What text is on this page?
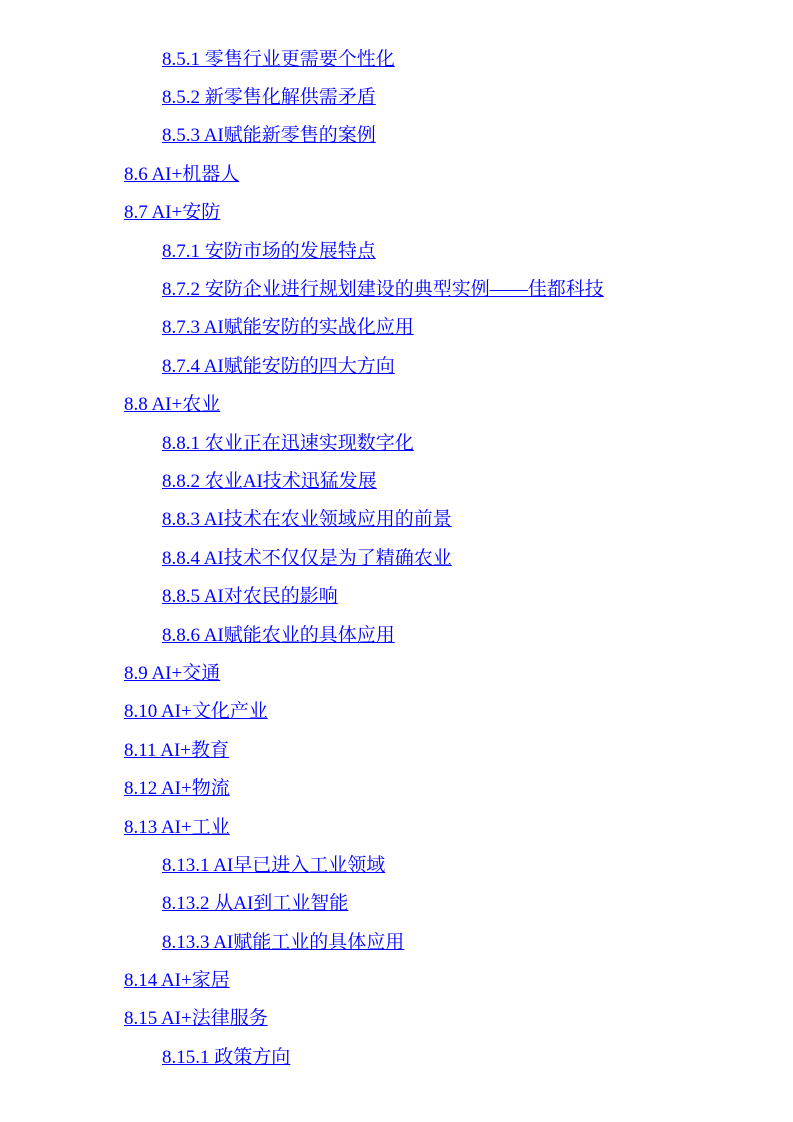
8.5.1 零售行业更需要个性化
8.5.2 新零售化解供需矛盾
8.5.3 AI赋能新零售的案例
8.6 AI+机器人
8.7 AI+安防
8.7.1 安防市场的发展特点
8.7.2 安防企业进行规划建设的典型实例——佳都科技
8.7.3 AI赋能安防的实战化应用
8.7.4 AI赋能安防的四大方向
8.8 AI+农业
8.8.1 农业正在迅速实现数字化
8.8.2 农业AI技术迅猛发展
8.8.3 AI技术在农业领域应用的前景
8.8.4 AI技术不仅仅是为了精确农业
8.8.5 AI对农民的影响
8.8.6 AI赋能农业的具体应用
8.9 AI+交通
8.10 AI+文化产业
8.11 AI+教育
8.12 AI+物流
8.13 AI+工业
8.13.1 AI早已进入工业领域
8.13.2 从AI到工业智能
8.13.3 AI赋能工业的具体应用
8.14 AI+家居
8.15 AI+法律服务
8.15.1 政策方向
